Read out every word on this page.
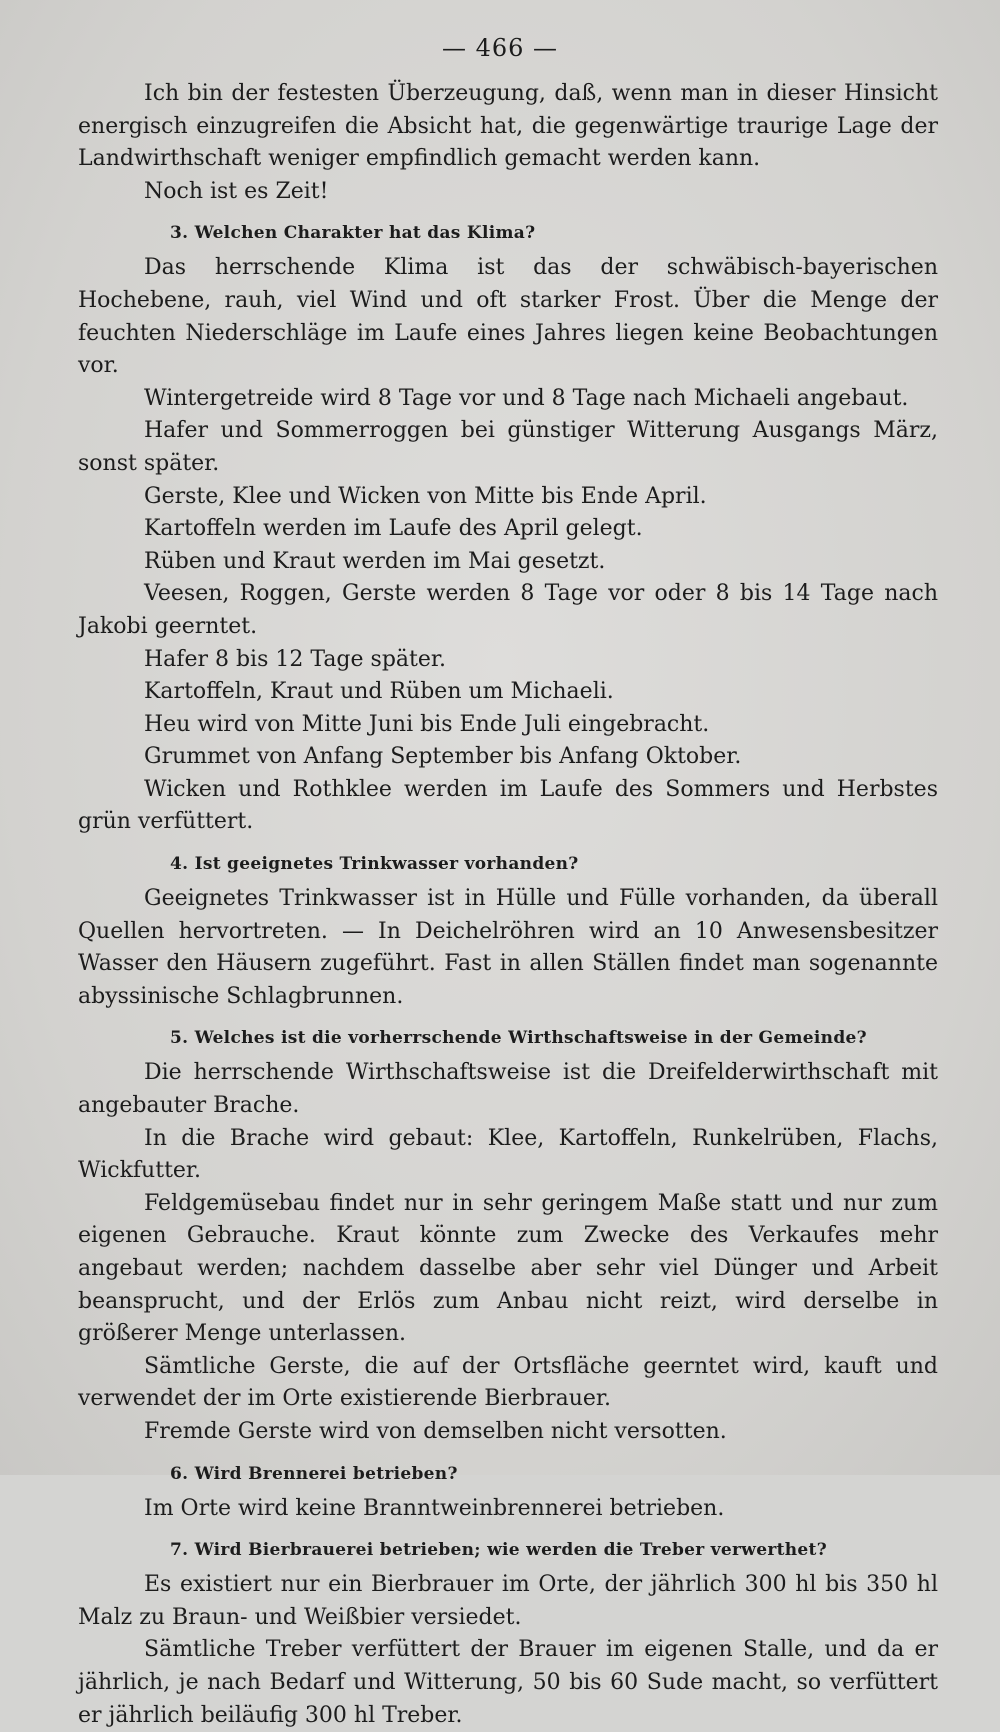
— 466 —

Ich bin der festesten Überzeugung, daß, wenn man in dieser Hinsicht energisch einzugreifen die Absicht hat, die gegenwärtige traurige Lage der Landwirthschaft weniger empfindlich gemacht werden kann.

Noch ist es Zeit!

3. Welchen Charakter hat das Klima?

Das herrschende Klima ist das der schwäbisch-bayerischen Hochebene, rauh, viel Wind und oft starker Frost. Über die Menge der feuchten Niederschläge im Laufe eines Jahres liegen keine Beobachtungen vor.

Wintergetreide wird 8 Tage vor und 8 Tage nach Michaeli angebaut.

Hafer und Sommerroggen bei günstiger Witterung Ausgangs März, sonst später.

Gerste, Klee und Wicken von Mitte bis Ende April.

Kartoffeln werden im Laufe des April gelegt.

Rüben und Kraut werden im Mai gesetzt.

Veesen, Roggen, Gerste werden 8 Tage vor oder 8 bis 14 Tage nach Jakobi geerntet.

Hafer 8 bis 12 Tage später.

Kartoffeln, Kraut und Rüben um Michaeli.

Heu wird von Mitte Juni bis Ende Juli eingebracht.

Grummet von Anfang September bis Anfang Oktober.

Wicken und Rothklee werden im Laufe des Sommers und Herbstes grün verfüttert.

4. Ist geeignetes Trinkwasser vorhanden?

Geeignetes Trinkwasser ist in Hülle und Fülle vorhanden, da überall Quellen hervortreten. — In Deichelröhren wird an 10 Anwesensbesitzer Wasser den Häusern zugeführt. Fast in allen Ställen findet man sogenannte abyssinische Schlagbrunnen.

5. Welches ist die vorherrschende Wirthschaftsweise in der Gemeinde?

Die herrschende Wirthschaftsweise ist die Dreifelderwirthschaft mit angebauter Brache.

In die Brache wird gebaut: Klee, Kartoffeln, Runkelrüben, Flachs, Wickfutter.

Feldgemüsebau findet nur in sehr geringem Maße statt und nur zum eigenen Gebrauche. Kraut könnte zum Zwecke des Verkaufes mehr angebaut werden; nachdem dasselbe aber sehr viel Dünger und Arbeit beansprucht, und der Erlös zum Anbau nicht reizt, wird derselbe in größerer Menge unterlassen.

Sämtliche Gerste, die auf der Ortsfläche geerntet wird, kauft und verwendet der im Orte existierende Bierbrauer.

Fremde Gerste wird von demselben nicht versotten.

6. Wird Brennerei betrieben?

Im Orte wird keine Branntweinbrennerei betrieben.

7. Wird Bierbrauerei betrieben; wie werden die Treber verwerthet?

Es existiert nur ein Bierbrauer im Orte, der jährlich 300 hl bis 350 hl Malz zu Braun- und Weißbier versiedet.

Sämtliche Treber verfüttert der Brauer im eigenen Stalle, und da er jährlich, je nach Bedarf und Witterung, 50 bis 60 Sude macht, so verfüttert er jährlich beiläufig 300 hl Treber.
